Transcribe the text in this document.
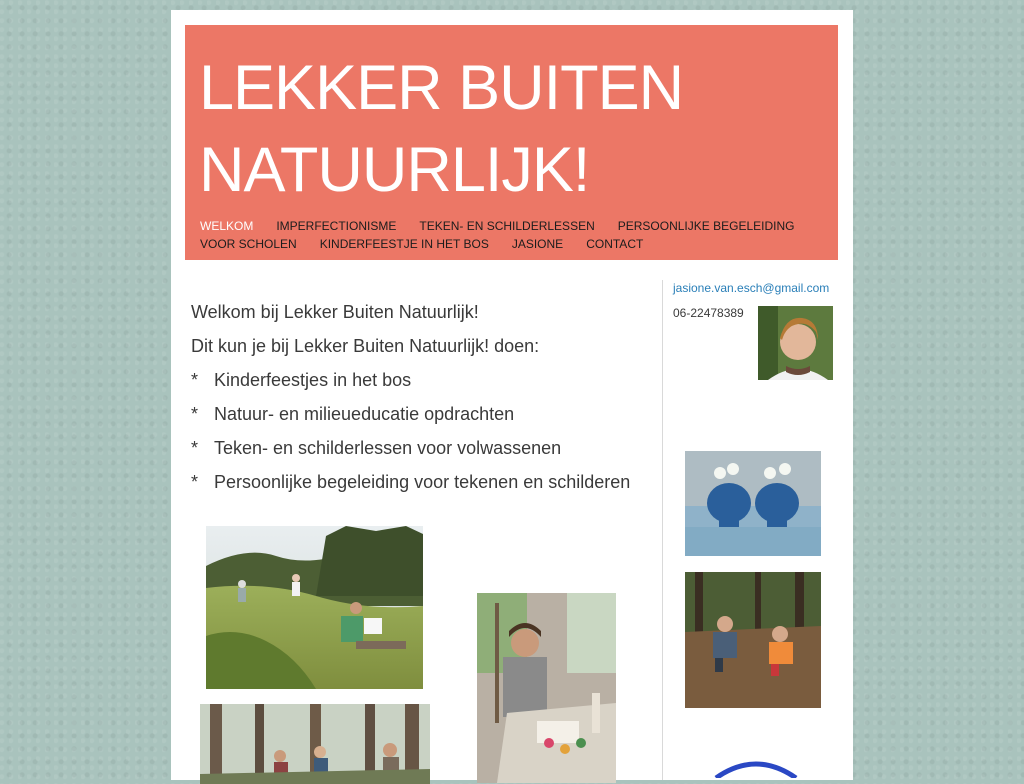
LEKKER BUITEN
NATUURLIJK!
WELKOM IMPERFECTIONISME TEKEN- EN SCHILDERLESSEN PERSOONLIJKE BEGELEIDING
VOOR SCHOLEN KINDERFEESTJE IN HET BOS JASIONE CONTACT

Welkom bij Lekker Buiten Natuurlijk!

Dit kun je bij Lekker Buiten Natuurlijk! doen:

* Kinderfeestjes in het bos

* Natuur- en milieueducatie opdrachten

* Teken- en schilderlessen voor volwassenen

* Persoonlijke begeleiding voor tekenen en schilderen

jasione.van.esch@gmail.com
06-22478389
